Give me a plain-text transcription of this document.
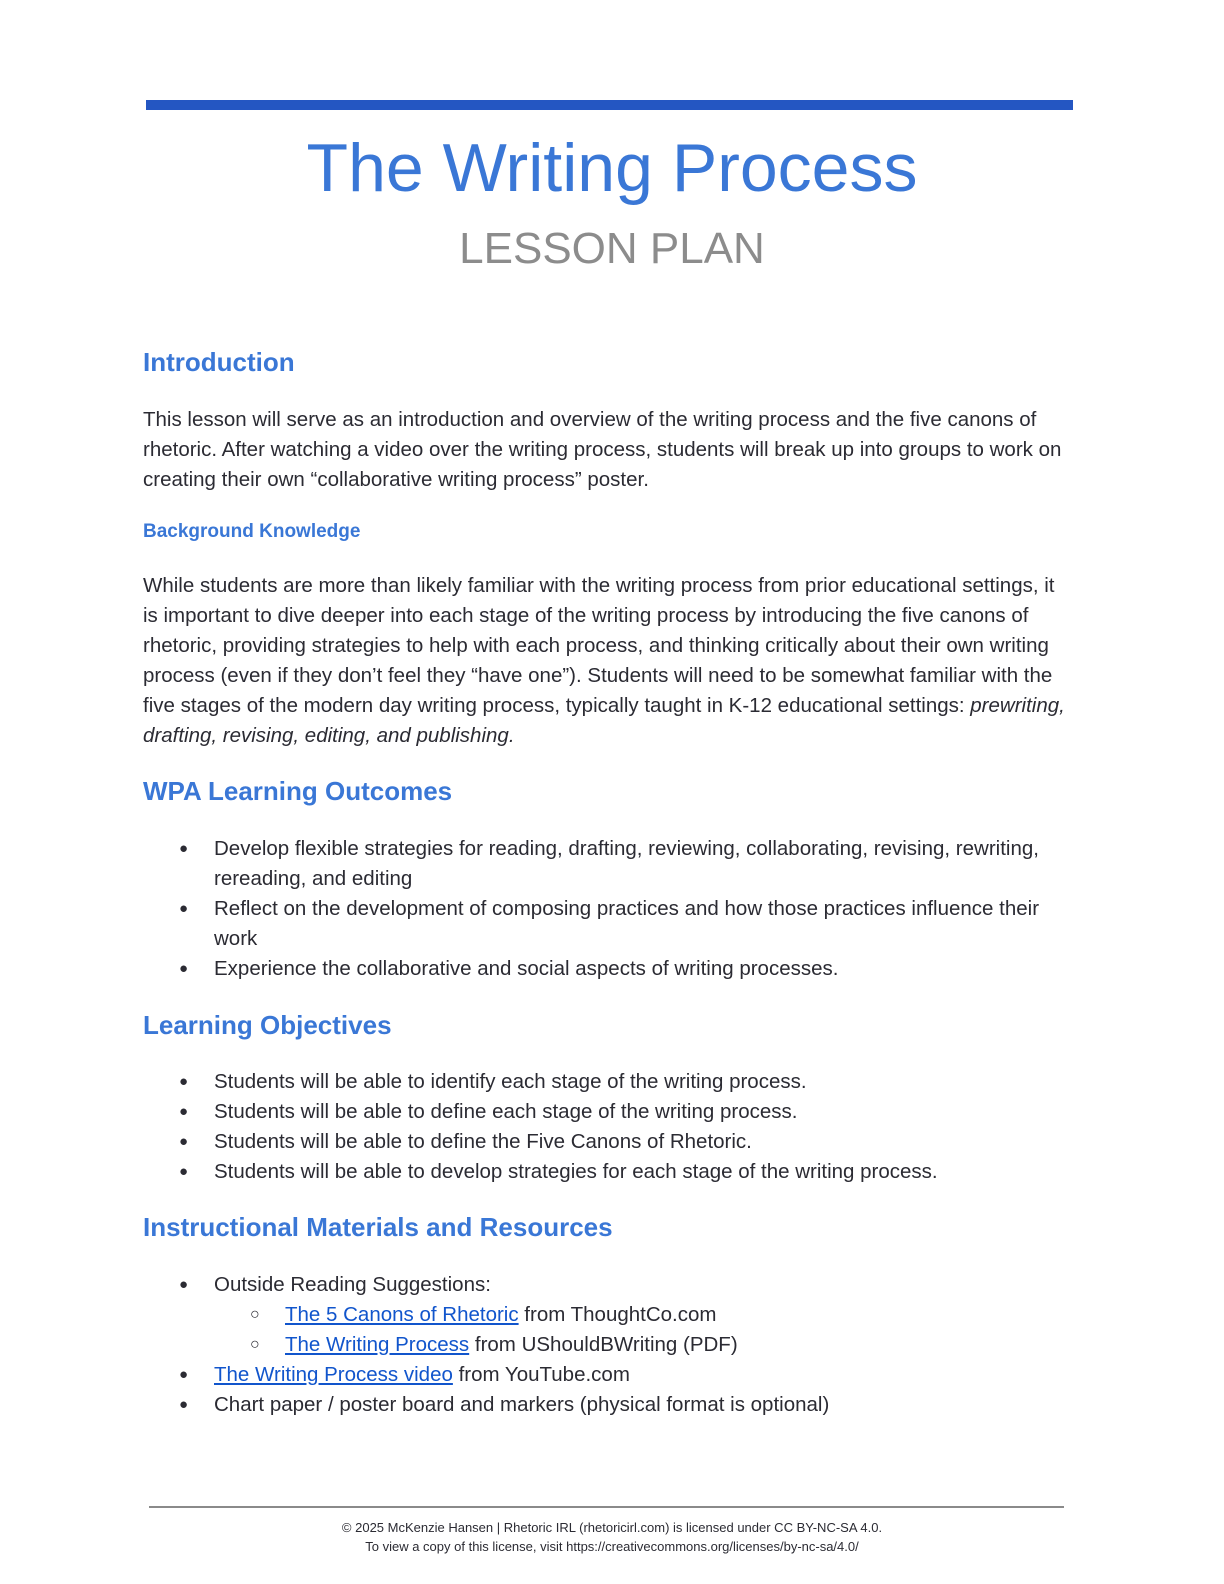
The Writing Process
LESSON PLAN
Introduction

This lesson will serve as an introduction and overview of the writing process and the five canons of rhetoric. After watching a video over the writing process, students will break up into groups to work on creating their own “collaborative writing process” poster.

Background Knowledge

While students are more than likely familiar with the writing process from prior educational settings, it is important to dive deeper into each stage of the writing process by introducing the five canons of rhetoric, providing strategies to help with each process, and thinking critically about their own writing process (even if they don’t feel they “have one”). Students will need to be somewhat familiar with the five stages of the modern day writing process, typically taught in K-12 educational settings: prewriting, drafting, revising, editing, and publishing.

WPA Learning Outcomes
● Develop flexible strategies for reading, drafting, reviewing, collaborating, revising, rewriting, rereading, and editing
● Reflect on the development of composing practices and how those practices influence their work
● Experience the collaborative and social aspects of writing processes.
Learning Objectives
● Students will be able to identify each stage of the writing process.
● Students will be able to define each stage of the writing process.
● Students will be able to define the Five Canons of Rhetoric.
● Students will be able to develop strategies for each stage of the writing process.
Instructional Materials and Resources
● Outside Reading Suggestions:
○ The 5 Canons of Rhetoric from ThoughtCo.com
○ The Writing Process from UShouldBWriting (PDF)
● The Writing Process video from YouTube.com
● Chart paper / poster board and markers (physical format is optional)

© 2025 McKenzie Hansen | Rhetoric IRL (rhetoricirl.com) is licensed under CC BY-NC-SA 4.0.

To view a copy of this license, visit https://creativecommons.org/licenses/by-nc-sa/4.0/
